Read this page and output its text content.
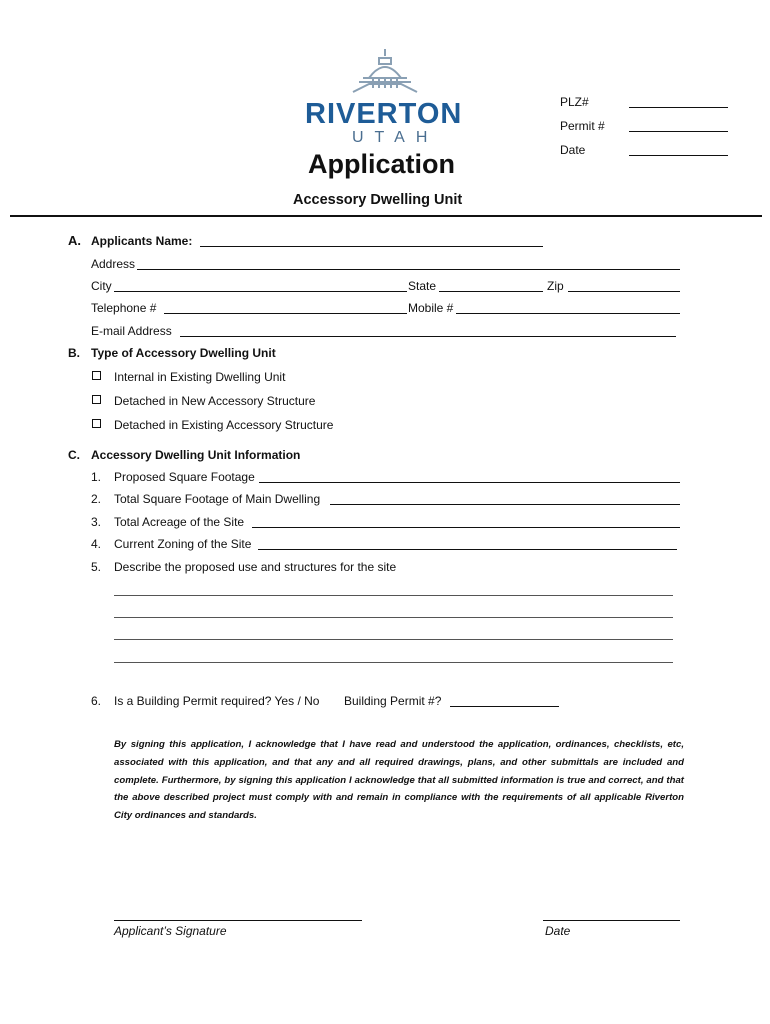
RIVERTON
UTAH
PLZ#
Permit #
Date
Application
Accessory Dwelling Unit
A. Applicants Name:
Address
City	State	Zip
Telephone #	Mobile #
E-mail Address
B. Type of Accessory Dwelling Unit
Internal in Existing Dwelling Unit
Detached in New Accessory Structure
Detached in Existing Accessory Structure
C. Accessory Dwelling Unit Information
1. Proposed Square Footage
2. Total Square Footage of Main Dwelling
3. Total Acreage of the Site
4. Current Zoning of the Site
5. Describe the proposed use and structures for the site
6. Is a Building Permit required? Yes / No Building Permit #?
By signing this application, I acknowledge that I have read and understood the application, ordinances, checklists, etc, associated with this application, and that any and all required drawings, plans, and other submittals are included and complete. Furthermore, by signing this application I acknowledge that all submitted information is true and correct, and that the above described project must comply with and remain in compliance with the requirements of all applicable Riverton City ordinances and standards.
Applicant’s Signature	Date
